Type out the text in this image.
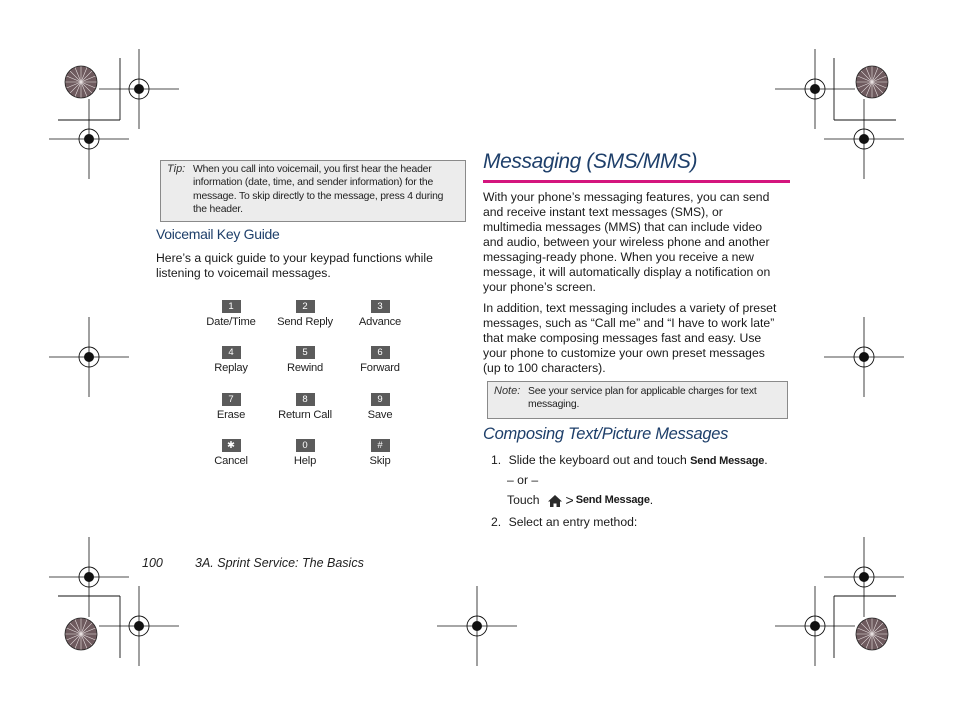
Tip: When you call into voicemail, you first hear the header
information (date, time, and sender information) for the
message. To skip directly to the message, press 4 during
the header.
Voicemail Key Guide
Here’s a quick guide to your keypad functions while
listening to voicemail messages.
1
Date/Time
2
Send Reply
3
Advance
4
Replay
5
Rewind
6
Forward
7
Erase
8
Return Call
9
Save
✱
Cancel
0
Help
#
Skip
Messaging (SMS/MMS)
With your phone’s messaging features, you can send
and receive instant text messages (SMS), or
multimedia messages (MMS) that can include video
and audio, between your wireless phone and another
messaging-ready phone. When you receive a new
message, it will automatically display a notification on
your phone’s screen.
In addition, text messaging includes a variety of preset
messages, such as “Call me” and “I have to work late”
that make composing messages fast and easy. Use
your phone to customize your own preset messages
(up to 100 characters).
Note: See your service plan for applicable charges for text
messaging.
Composing Text/Picture Messages
1. Slide the keyboard out and touch Send Message.
– or –
Touch > Send Message .
2. Select an entry method:
100	3A. Sprint Service: The Basics
